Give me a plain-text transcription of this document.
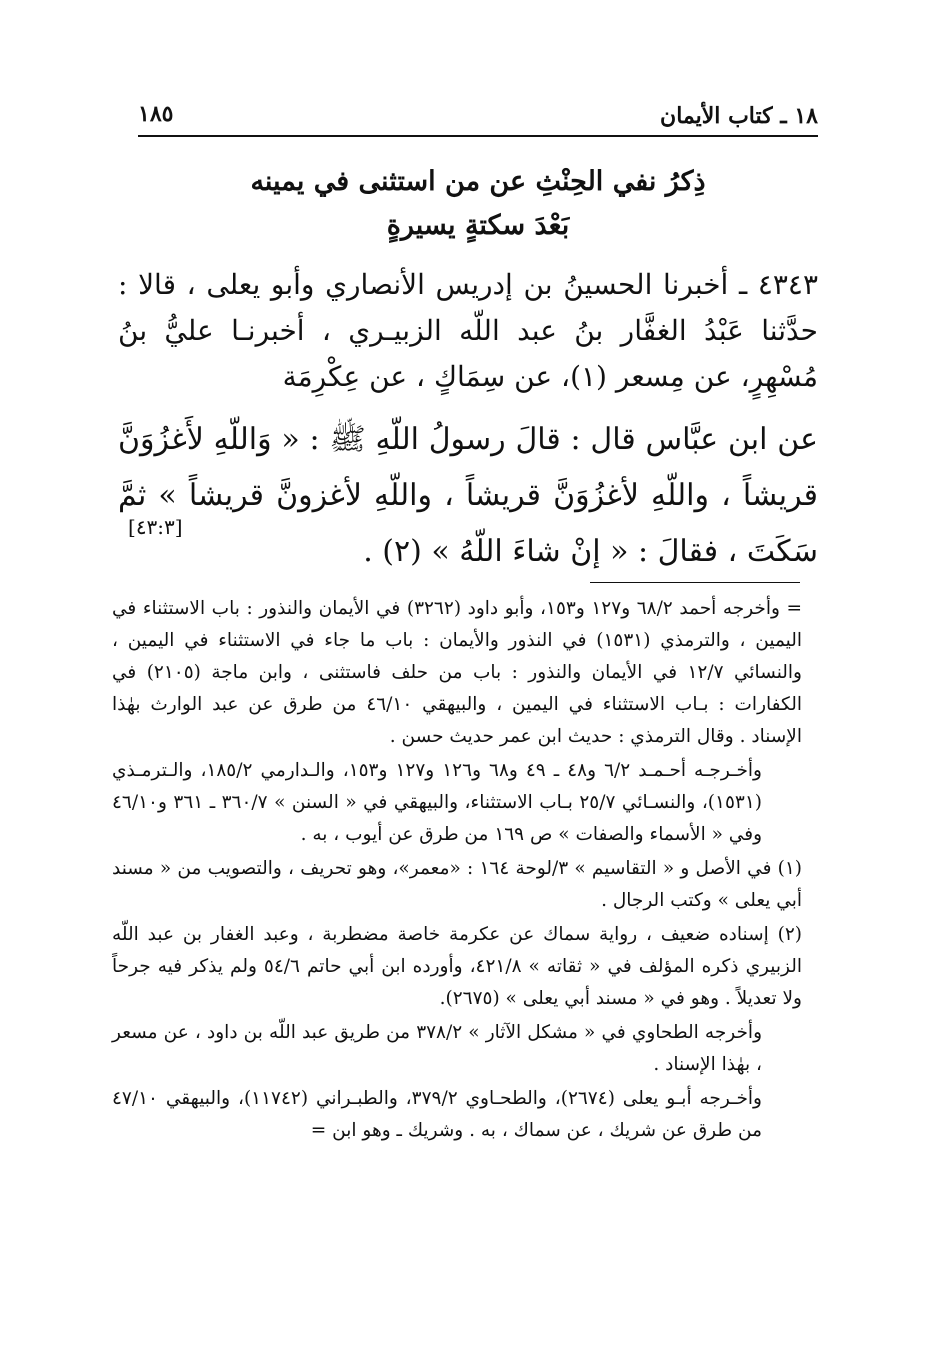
١٨٥	١٨ ـ كتاب الأيمان
ذِكرُ نفي الحِنْثِ عن من استثنى في يمينه
بَعْدَ سكتةٍ يسيرةٍ

٤٣٤٣ ـ أخبرنا الحسينُ بن إدريس الأنصاري وأبو يعلى ، قالا : حدَّثنا عَبْدُ الغفَّار بنُ عبد اللّه الزبيـري ، أخبرنـا عليُّ بنُ مُسْهِرٍ، عن مِسعر (١)، عن سِمَاكٍ ، عن عِكْرِمَة

عن ابن عبَّاس قال : قالَ رسولُ اللّهِ ﷺ : « وَاللّهِ لأَغزُوَنَّ قريشاً ، واللّهِ لأغزُوَنَّ قريشاً ، واللّهِ لأغزونَّ قريشاً » ثمَّ سَكَتَ ، فقالَ : « إنْ شاءَ اللّهُ » (٢) .

[٤٣:٣]

= وأخرجه أحمد ٦٨/٢ و١٢٧ و١٥٣، وأبو داود (٣٢٦٢) في الأيمان والنذور : باب الاستثناء في اليمين ، والترمذي (١٥٣١) في النذور والأيمان : باب ما جاء في الاستثناء في اليمين ، والنسائي ١٢/٧ في الأيمان والنذور : باب من حلف فاستثنى ، وابن ماجة (٢١٠٥) في الكفارات : بـاب الاستثناء في اليمين ، والبيهقي ٤٦/١٠ من طرق عن عبد الوارث بهٰذا الإسناد . وقال الترمذي : حديث ابن عمر حديث حسن .

وأخـرجـه أحـمـد ٦/٢ و٤٨ ـ ٤٩ و٦٨ و١٢٦ و١٢٧ و١٥٣، والـدارمي ١٨٥/٢، والـترمـذي (١٥٣١)، والنسـائي ٢٥/٧ بـاب الاستثناء، والبيهقي في « السنن » ٣٦٠/٧ ـ ٣٦١ و٤٦/١٠ وفي « الأسماء والصفات » ص ١٦٩ من طرق عن أيوب ، به .

(١) في الأصل و « التقاسيم » ٣/لوحة ١٦٤ : «معمر»، وهو تحريف ، والتصويب من « مسند أبي يعلى » وكتب الرجال .

(٢) إسناده ضعيف ، رواية سماك عن عكرمة خاصة مضطربة ، وعبد الغفار بن عبد اللّه الزبيري ذكره المؤلف في « ثقاته » ٤٢١/٨، وأورده ابن أبي حاتم ٥٤/٦ ولم يذكر فيه جرحاً ولا تعديلاً . وهو في « مسند أبي يعلى » (٢٦٧٥).

وأخرجه الطحاوي في « مشكل الآثار » ٣٧٨/٢ من طريق عبد اللّه بن داود ، عن مسعر ، بهٰذا الإسناد .

وأخـرجه أبـو يعلى (٢٦٧٤)، والطحـاوي ٣٧٩/٢، والطبـراني (١١٧٤٢)، والبيهقي ٤٧/١٠ من طرق عن شريك ، عن سماك ، به . وشريك ـ وهو ابن =
